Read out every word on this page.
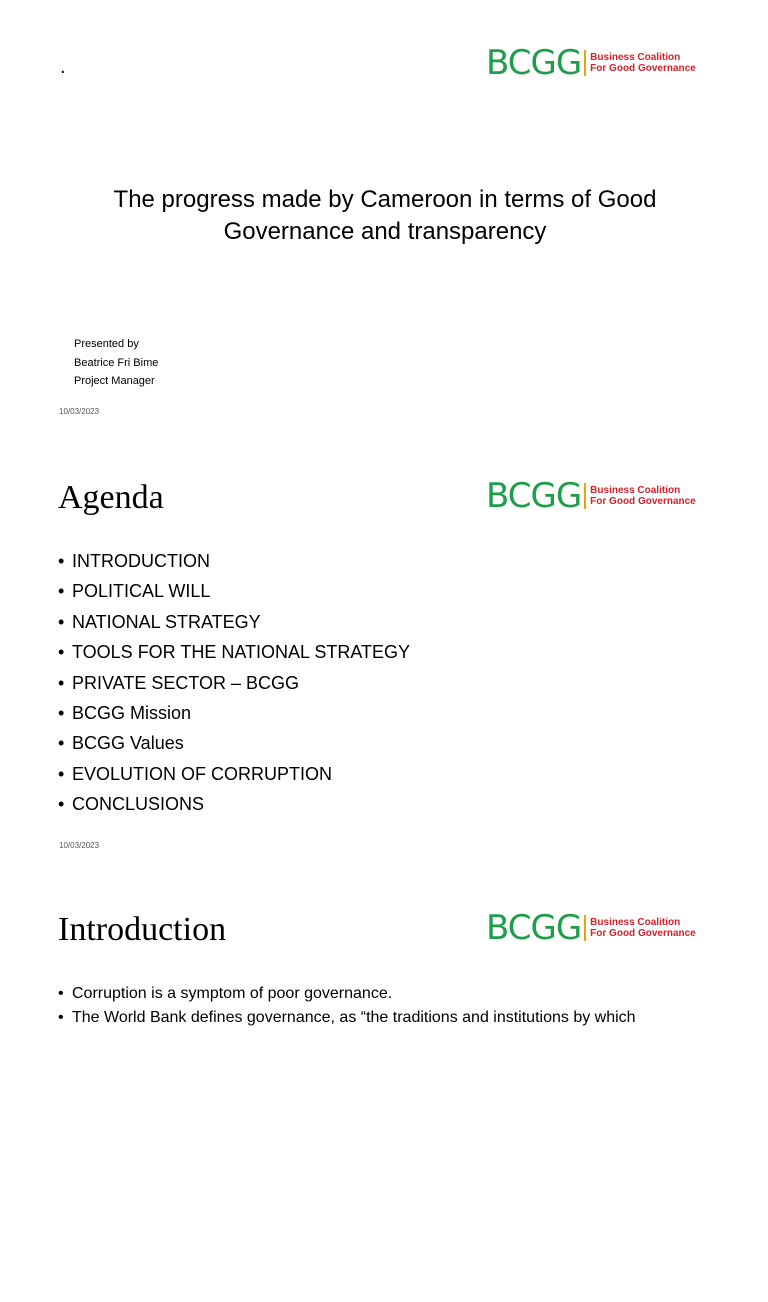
.	BCGG Business Coalition
For Good Governance
The progress made by Cameroon in terms of Good
Governance and transparency
Presented by
Beatrice Fri Bime
Project Manager
10/03/2023
Agenda	BCGG Business Coalition
For Good Governance
• INTRODUCTION
• POLITICAL WILL
• NATIONAL STRATEGY
• TOOLS FOR THE NATIONAL STRATEGY
• PRIVATE SECTOR – BCGG
• BCGG Mission
• BCGG Values
• EVOLUTION OF CORRUPTION
• CONCLUSIONS
10/03/2023
Introduction	BCGG Business Coalition
For Good Governance
• Corruption is a symptom of poor governance.
• The World Bank defines governance, as “the traditions and institutions by which
